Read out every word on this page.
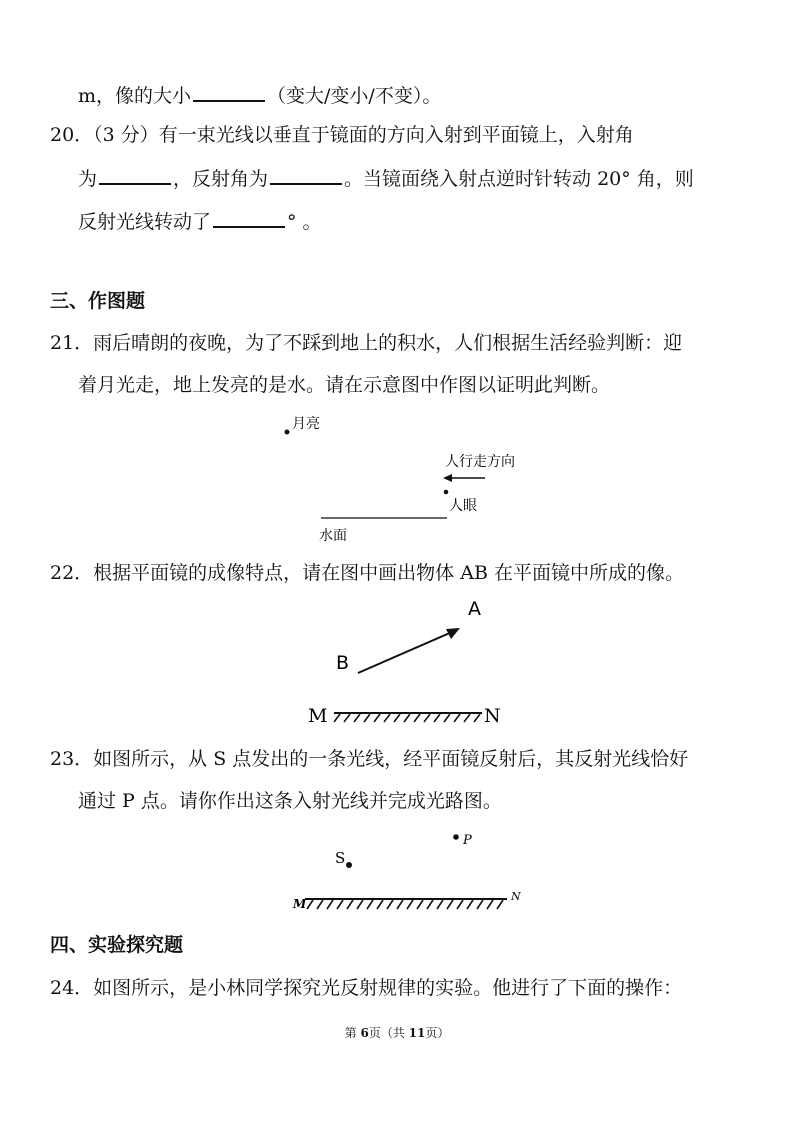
m，像的大小	（变大/变小/不变）。
20．（3 分）有一束光线以垂直于镜面的方向入射到平面镜上，入射角
为	，反射角为	。当镜面绕入射点逆时针转动 20° 角，则
反射光线转动了	° 。
三、作图题
21．雨后晴朗的夜晚，为了不踩到地上的积水，人们根据生活经验判断：迎
着月光走，地上发亮的是水。请在示意图中作图以证明此判断。
月亮
人行走方向
人眼
水面
22．根据平面镜的成像特点，请在图中画出物体 AB 在平面镜中所成的像。
A
B
M	N
23．如图所示，从 S 点发出的一条光线，经平面镜反射后，其反射光线恰好
通过 P 点。请你作出这条入射光线并完成光路图。
P
S
M
N
四、实验探究题
24．如图所示，是小林同学探究光反射规律的实验。他进行了下面的操作：
第 6页（共 11页）
